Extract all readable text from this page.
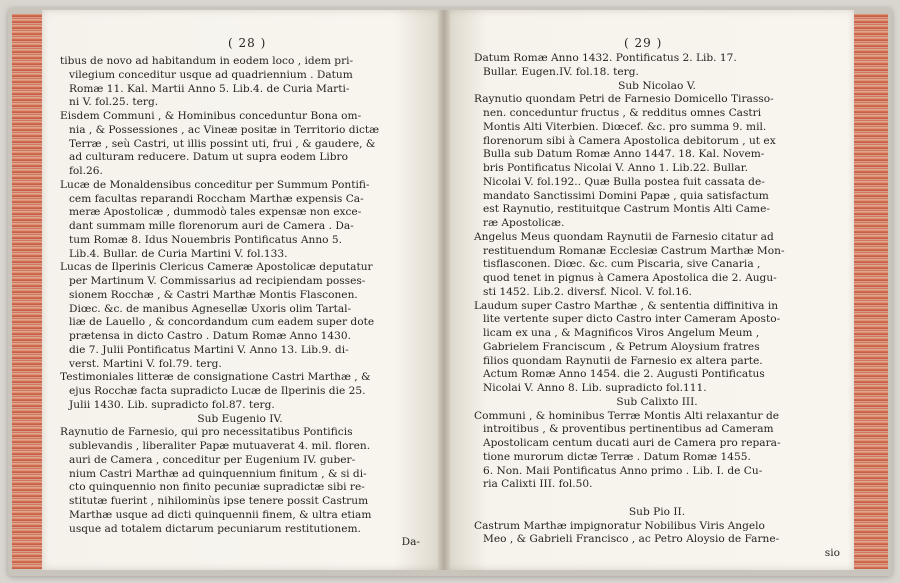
( 28 )	( 29 )
tibus de novo ad habitandum in eodem loco , idem pri-
vilegium conceditur usque ad quadriennium . Datum
Romæ 11. Kal. Martii Anno 5. Lib.4. de Curia Marti-
ni V. fol.25. terg.
Eisdem Communi , & Hominibus conceduntur Bona om-
nia , & Possessiones , ac Vineæ positæ in Territorio dictæ
Terræ , seù Castri, ut illis possint uti, frui , & gaudere, &
ad culturam reducere. Datum ut supra eodem Libro
fol.26.
Lucæ de Monaldensibus conceditur per Summum Pontifi-
cem facultas reparandi Roccham Marthæ expensis Ca-
meræ Apostolicæ , dummodò tales expensæ non exce-
dant summam mille florenorum auri de Camera . Da-
tum Romæ 8. Idus Nouembris Pontificatus Anno 5.
Lib.4. Bullar. de Curia Martini V. fol.133.
Lucas de Ilperinis Clericus Cameræ Apostolicæ deputatur
per Martinum V. Commissarius ad recipiendam posses-
sionem Rocchæ , & Castri Marthæ Montis Flasconen.
Diœc. &c. de manibus Agnesellæ Uxoris olim Tartal-
liæ de Lauello , & concordandum cum eadem super dote
prætensa in dicto Castro . Datum Romæ Anno 1430.
die 7. Julii Pontificatus Martini V. Anno 13. Lib.9. di-
verst. Martini V. fol.79. terg.
Testimoniales litteræ de consignatione Castri Marthæ , &
ejus Rocchæ facta supradicto Lucæ de Ilperinis die 25.
Julii 1430. Lib. supradicto fol.87. terg.
Sub Eugenio IV.
Raynutio de Farnesio, qui pro necessitatibus Pontificis
sublevandis , liberaliter Papæ mutuaverat 4. mil. floren.
auri de Camera , conceditur per Eugenium IV. guber-
nium Castri Marthæ ad quinquennium finitum , & si di-
cto quinquennio non finito pecuniæ supradictæ sibi re-
stitutæ fuerint , nihilominùs ipse tenere possit Castrum
Marthæ usque ad dicti quinquennii finem, & ultra etiam
usque ad totalem dictarum pecuniarum restitutionem.
Da-
Datum Romæ Anno 1432. Pontificatus 2. Lib. 17.
Bullar. Eugen.IV. fol.18. terg.
Sub Nicolao V.
Raynutio quondam Petri de Farnesio Domicello Tirasso-
nen. conceduntur fructus , & redditus omnes Castri
Montis Alti Viterbien. Diœcef. &c. pro summa 9. mil.
florenorum sibi à Camera Apostolica debitorum , ut ex
Bulla sub Datum Romæ Anno 1447. 18. Kal. Novem-
bris Pontificatus Nicolai V. Anno 1. Lib.22. Bullar.
Nicolai V. fol.192.. Quæ Bulla postea fuit cassata de-
mandato Sanctissimi Domini Papæ , quia satisfactum
est Raynutio, restituitque Castrum Montis Alti Came-
ræ Apostolicæ.
Angelus Meus quondam Raynutii de Farnesio citatur ad
restituendum Romanæ Ecclesiæ Castrum Marthæ Mon-
tisflasconen. Diœc. &c. cum Piscaria, sive Canaria ,
quod tenet in pignus à Camera Apostolica die 2. Augu-
sti 1452. Lib.2. diversf. Nicol. V. fol.16.
Laudum super Castro Marthæ , & sententia diffinitiva in
lite vertente super dicto Castro inter Cameram Aposto-
licam ex una , & Magnificos Viros Angelum Meum ,
Gabrielem Franciscum , & Petrum Aloysium fratres
filios quondam Raynutii de Farnesio ex altera parte.
Actum Romæ Anno 1454. die 2. Augusti Pontificatus
Nicolai V. Anno 8. Lib. supradicto fol.111.
Sub Calixto III.
Communi , & hominibus Terræ Montis Alti relaxantur de
introitibus , & proventibus pertinentibus ad Cameram
Apostolicam centum ducati auri de Camera pro repara-
tione murorum dictæ Terræ . Datum Romæ 1455.
6. Non. Maii Pontificatus Anno primo . Lib. I. de Cu-
ria Calixti III. fol.50.
Sub Pio II.
Castrum Marthæ impignoratur Nobilibus Viris Angelo
Meo , & Gabrieli Francisco , ac Petro Aloysio de Farne-
sio
